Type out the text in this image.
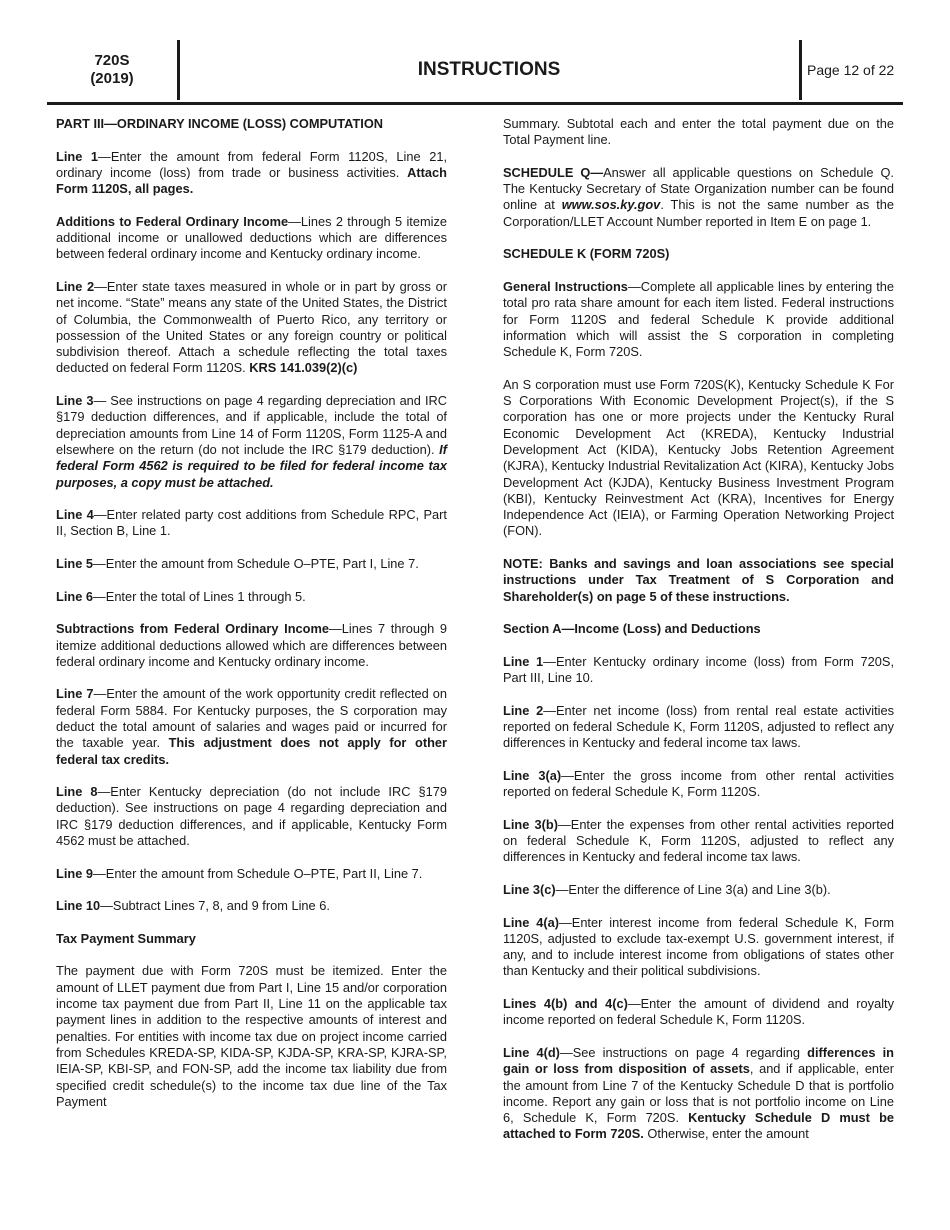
720S
(2019)	INSTRUCTIONS	Page 12 of 22

PART III—ORDINARY INCOME (LOSS) COMPUTATION

Line 1—Enter the amount from federal Form 1120S, Line 21, ordinary income (loss) from trade or business activities. Attach Form 1120S, all pages.

Additions to Federal Ordinary Income—Lines 2 through 5 itemize additional income or unallowed deductions which are differences between federal ordinary income and Kentucky ordinary income.

Line 2—Enter state taxes measured in whole or in part by gross or net income. “State” means any state of the United States, the District of Columbia, the Commonwealth of Puerto Rico, any territory or possession of the United States or any foreign country or political subdivision thereof. Attach a schedule reflecting the total taxes deducted on federal Form 1120S. KRS 141.039(2)(c)

Line 3— See instructions on page 4 regarding depreciation and IRC §179 deduction differences, and if applicable, include the total of depreciation amounts from Line 14 of Form 1120S, Form 1125-A and elsewhere on the return (do not include the IRC §179 deduction). If federal Form 4562 is required to be filed for federal income tax purposes, a copy must be attached.

Line 4—Enter related party cost additions from Schedule RPC, Part II, Section B, Line 1.

Line 5—Enter the amount from Schedule O–PTE, Part I, Line 7.

Line 6—Enter the total of Lines 1 through 5.

Subtractions from Federal Ordinary Income—Lines 7 through 9 itemize additional deductions allowed which are differences between federal ordinary income and Kentucky ordinary income.

Line 7—Enter the amount of the work opportunity credit reflected on federal Form 5884. For Kentucky purposes, the S corporation may deduct the total amount of salaries and wages paid or incurred for the taxable year. This adjustment does not apply for other federal tax credits.

Line 8—Enter Kentucky depreciation (do not include IRC §179 deduction). See instructions on page 4 regarding depreciation and IRC §179 deduction differences, and if applicable, Kentucky Form 4562 must be attached.

Line 9—Enter the amount from Schedule O–PTE, Part II, Line 7.

Line 10—Subtract Lines 7, 8, and 9 from Line 6.

Tax Payment Summary

The payment due with Form 720S must be itemized. Enter the amount of LLET payment due from Part I, Line 15 and/or corporation income tax payment due from Part II, Line 11 on the applicable tax payment lines in addition to the respective amounts of interest and penalties. For entities with income tax due on project income carried from Schedules KREDA-SP, KIDA-SP, KJDA-SP, KRA-SP, KJRA-SP, IEIA-SP, KBI-SP, and FON-SP, add the income tax liability due from specified credit schedule(s) to the income tax due line of the Tax Payment

Summary. Subtotal each and enter the total payment due on the Total Payment line.

SCHEDULE Q—Answer all applicable questions on Schedule Q. The Kentucky Secretary of State Organization number can be found online at www.sos.ky.gov. This is not the same number as the Corporation/LLET Account Number reported in Item E on page 1.

SCHEDULE K (FORM 720S)

General Instructions—Complete all applicable lines by entering the total pro rata share amount for each item listed. Federal instructions for Form 1120S and federal Schedule K provide additional information which will assist the S corporation in completing Schedule K, Form 720S.

An S corporation must use Form 720S(K), Kentucky Schedule K For S Corporations With Economic Development Project(s), if the S corporation has one or more projects under the Kentucky Rural Economic Development Act (KREDA), Kentucky Industrial Development Act (KIDA), Kentucky Jobs Retention Agreement (KJRA), Kentucky Industrial Revitalization Act (KIRA), Kentucky Jobs Development Act (KJDA), Kentucky Business Investment Program (KBI), Kentucky Reinvestment Act (KRA), Incentives for Energy Independence Act (IEIA), or Farming Operation Networking Project (FON).

NOTE: Banks and savings and loan associations see special instructions under Tax Treatment of S Corporation and Shareholder(s) on page 5 of these instructions.

Section A—Income (Loss) and Deductions

Line 1—Enter Kentucky ordinary income (loss) from Form 720S, Part III, Line 10.

Line 2—Enter net income (loss) from rental real estate activities reported on federal Schedule K, Form 1120S, adjusted to reflect any differences in Kentucky and federal income tax laws.

Line 3(a)—Enter the gross income from other rental activities reported on federal Schedule K, Form 1120S.

Line 3(b)—Enter the expenses from other rental activities reported on federal Schedule K, Form 1120S, adjusted to reflect any differences in Kentucky and federal income tax laws.

Line 3(c)—Enter the difference of Line 3(a) and Line 3(b).

Line 4(a)—Enter interest income from federal Schedule K, Form 1120S, adjusted to exclude tax-exempt U.S. government interest, if any, and to include interest income from obligations of states other than Kentucky and their political subdivisions.

Lines 4(b) and 4(c)—Enter the amount of dividend and royalty income reported on federal Schedule K, Form 1120S.

Line 4(d)—See instructions on page 4 regarding differences in gain or loss from disposition of assets, and if applicable, enter the amount from Line 7 of the Kentucky Schedule D that is portfolio income. Report any gain or loss that is not portfolio income on Line 6, Schedule K, Form 720S. Kentucky Schedule D must be attached to Form 720S. Otherwise, enter the amount
